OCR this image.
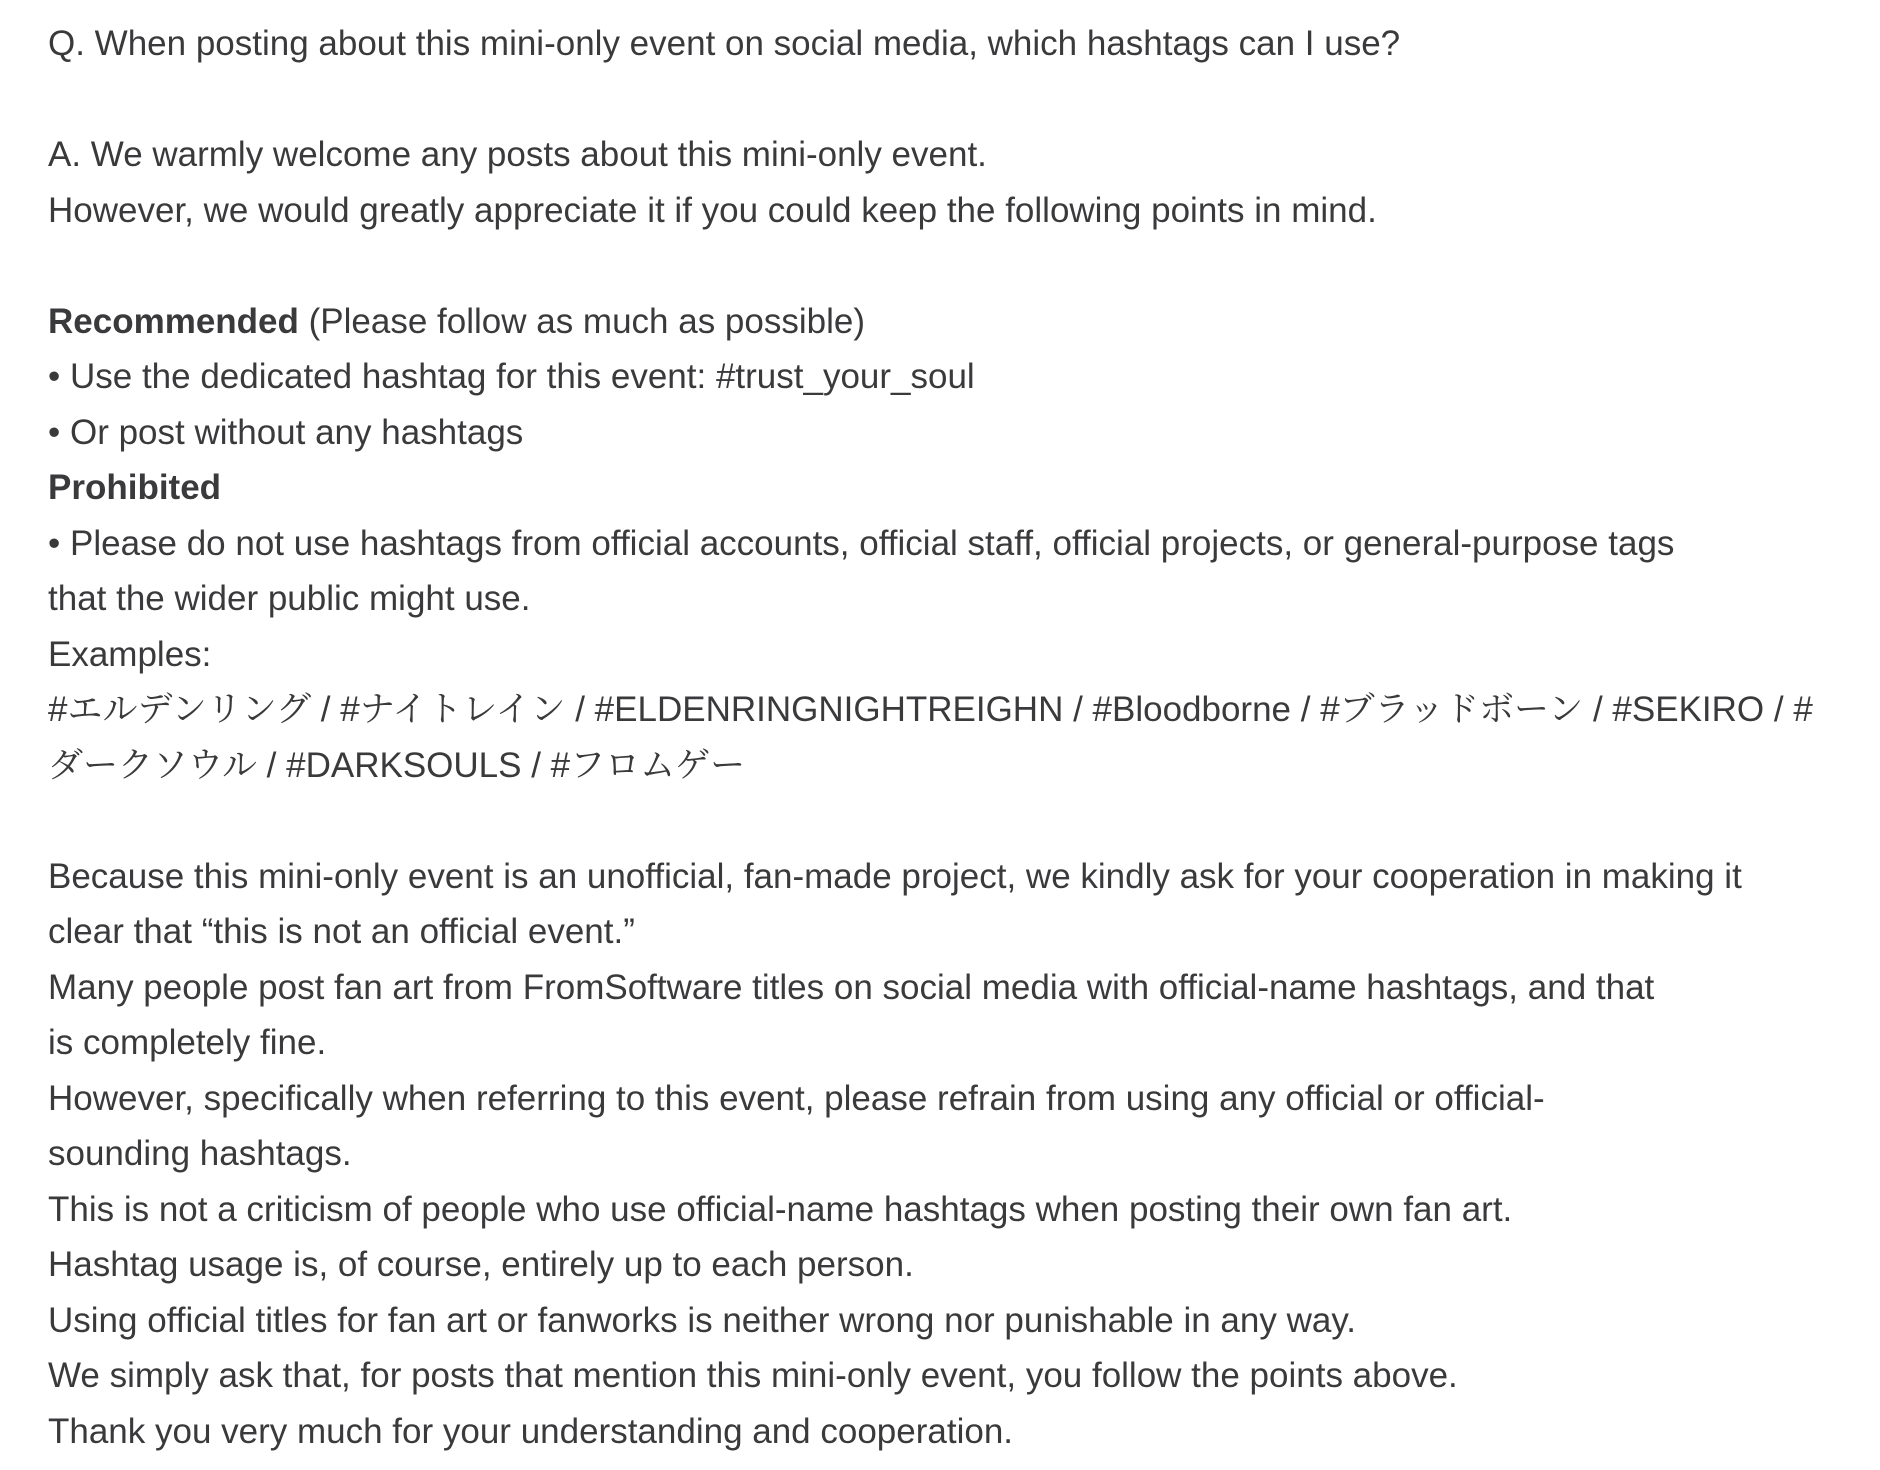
Q. When posting about this mini-only event on social media, which hashtags can I use?
A. We warmly welcome any posts about this mini-only event.
However, we would greatly appreciate it if you could keep the following points in mind.
Recommended (Please follow as much as possible)
• Use the dedicated hashtag for this event: #trust_your_soul
• Or post without any hashtags
Prohibited
• Please do not use hashtags from official accounts, official staff, official projects, or general-purpose tags
that the wider public might use.
Examples:
#エルデンリング / #ナイトレイン / #ELDENRINGNIGHTREIGHN / #Bloodborne / #ブラッドボーン / #SEKIRO / #
ダークソウル / #DARKSOULS / #フロムゲー
Because this mini-only event is an unofficial, fan-made project, we kindly ask for your cooperation in making it
clear that “this is not an official event.”
Many people post fan art from FromSoftware titles on social media with official-name hashtags, and that
is completely fine.
However, specifically when referring to this event, please refrain from using any official or official-
sounding hashtags.
This is not a criticism of people who use official-name hashtags when posting their own fan art.
Hashtag usage is, of course, entirely up to each person.
Using official titles for fan art or fanworks is neither wrong nor punishable in any way.
We simply ask that, for posts that mention this mini-only event, you follow the points above.
Thank you very much for your understanding and cooperation.
